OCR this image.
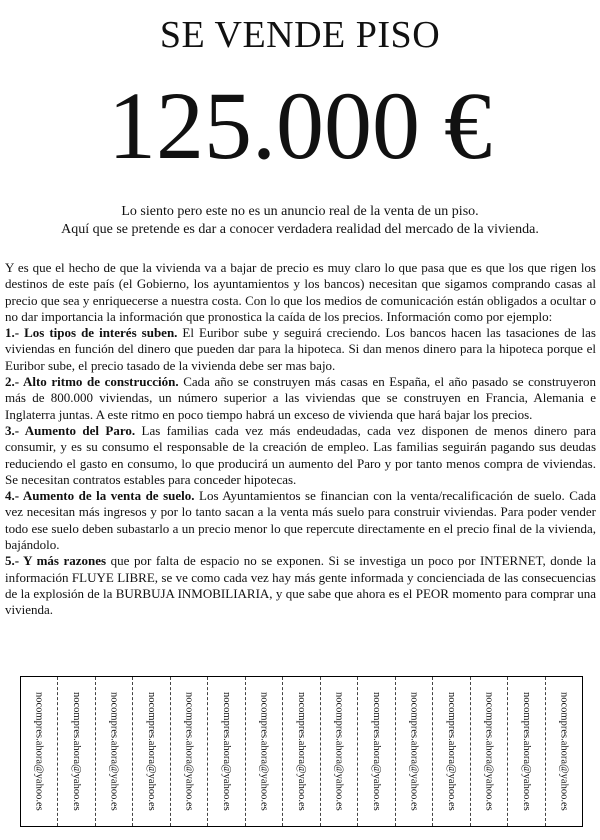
SE VENDE PISO
125.000 €
Lo siento pero este no es un anuncio real de la venta de un piso.
Aquí que se pretende es dar a conocer verdadera realidad del mercado de la vivienda.

Y es que el hecho de que la vivienda va a bajar de precio es muy claro lo que pasa que es que los que rigen los destinos de este país (el Gobierno, los ayuntamientos y los bancos) necesitan que sigamos comprando casas al precio que sea y enriquecerse a nuestra costa. Con lo que los medios de comunicación están obligados a ocultar o no dar importancia la información que pronostica la caída de los precios. Información como por ejemplo:

1.- Los tipos de interés suben. El Euribor sube y seguirá creciendo. Los bancos hacen las tasaciones de las viviendas en función del dinero que pueden dar para la hipoteca. Si dan menos dinero para la hipoteca porque el Euribor sube, el precio tasado de la vivienda debe ser mas bajo.

2.- Alto ritmo de construcción. Cada año se construyen más casas en España, el año pasado se construyeron más de 800.000 viviendas, un número superior a las viviendas que se construyen en Francia, Alemania e Inglaterra juntas. A este ritmo en poco tiempo habrá un exceso de vivienda que hará bajar los precios.

3.- Aumento del Paro. Las familias cada vez más endeudadas, cada vez disponen de menos dinero para consumir, y es su consumo el responsable de la creación de empleo. Las familias seguirán pagando sus deudas reduciendo el gasto en consumo, lo que producirá un aumento del Paro y por tanto menos compra de viviendas. Se necesitan contratos estables para conceder hipotecas.

4.- Aumento de la venta de suelo. Los Ayuntamientos se financian con la venta/recalificación de suelo. Cada vez necesitan más ingresos y por lo tanto sacan a la venta más suelo para construir viviendas. Para poder vender todo ese suelo deben subastarlo a un precio menor lo que repercute directamente en el precio final de la vivienda, bajándolo.

5.- Y más razones que por falta de espacio no se exponen. Si se investiga un poco por INTERNET, donde la información FLUYE LIBRE, se ve como cada vez hay más gente informada y concienciada de las consecuencias de la explosión de la BURBUJA INMOBILIARIA, y que sabe que ahora es el PEOR momento para comprar una vivienda.

nocompres.ahora@yahoo.es	nocompres.ahora@yahoo.es	nocompres.ahora@yahoo.es	nocompres.ahora@yahoo.es	nocompres.ahora@yahoo.es	nocompres.ahora@yahoo.es	nocompres.ahora@yahoo.es	nocompres.ahora@yahoo.es	nocompres.ahora@yahoo.es	nocompres.ahora@yahoo.es	nocompres.ahora@yahoo.es	nocompres.ahora@yahoo.es	nocompres.ahora@yahoo.es	nocompres.ahora@yahoo.es	nocompres.ahora@yahoo.es
